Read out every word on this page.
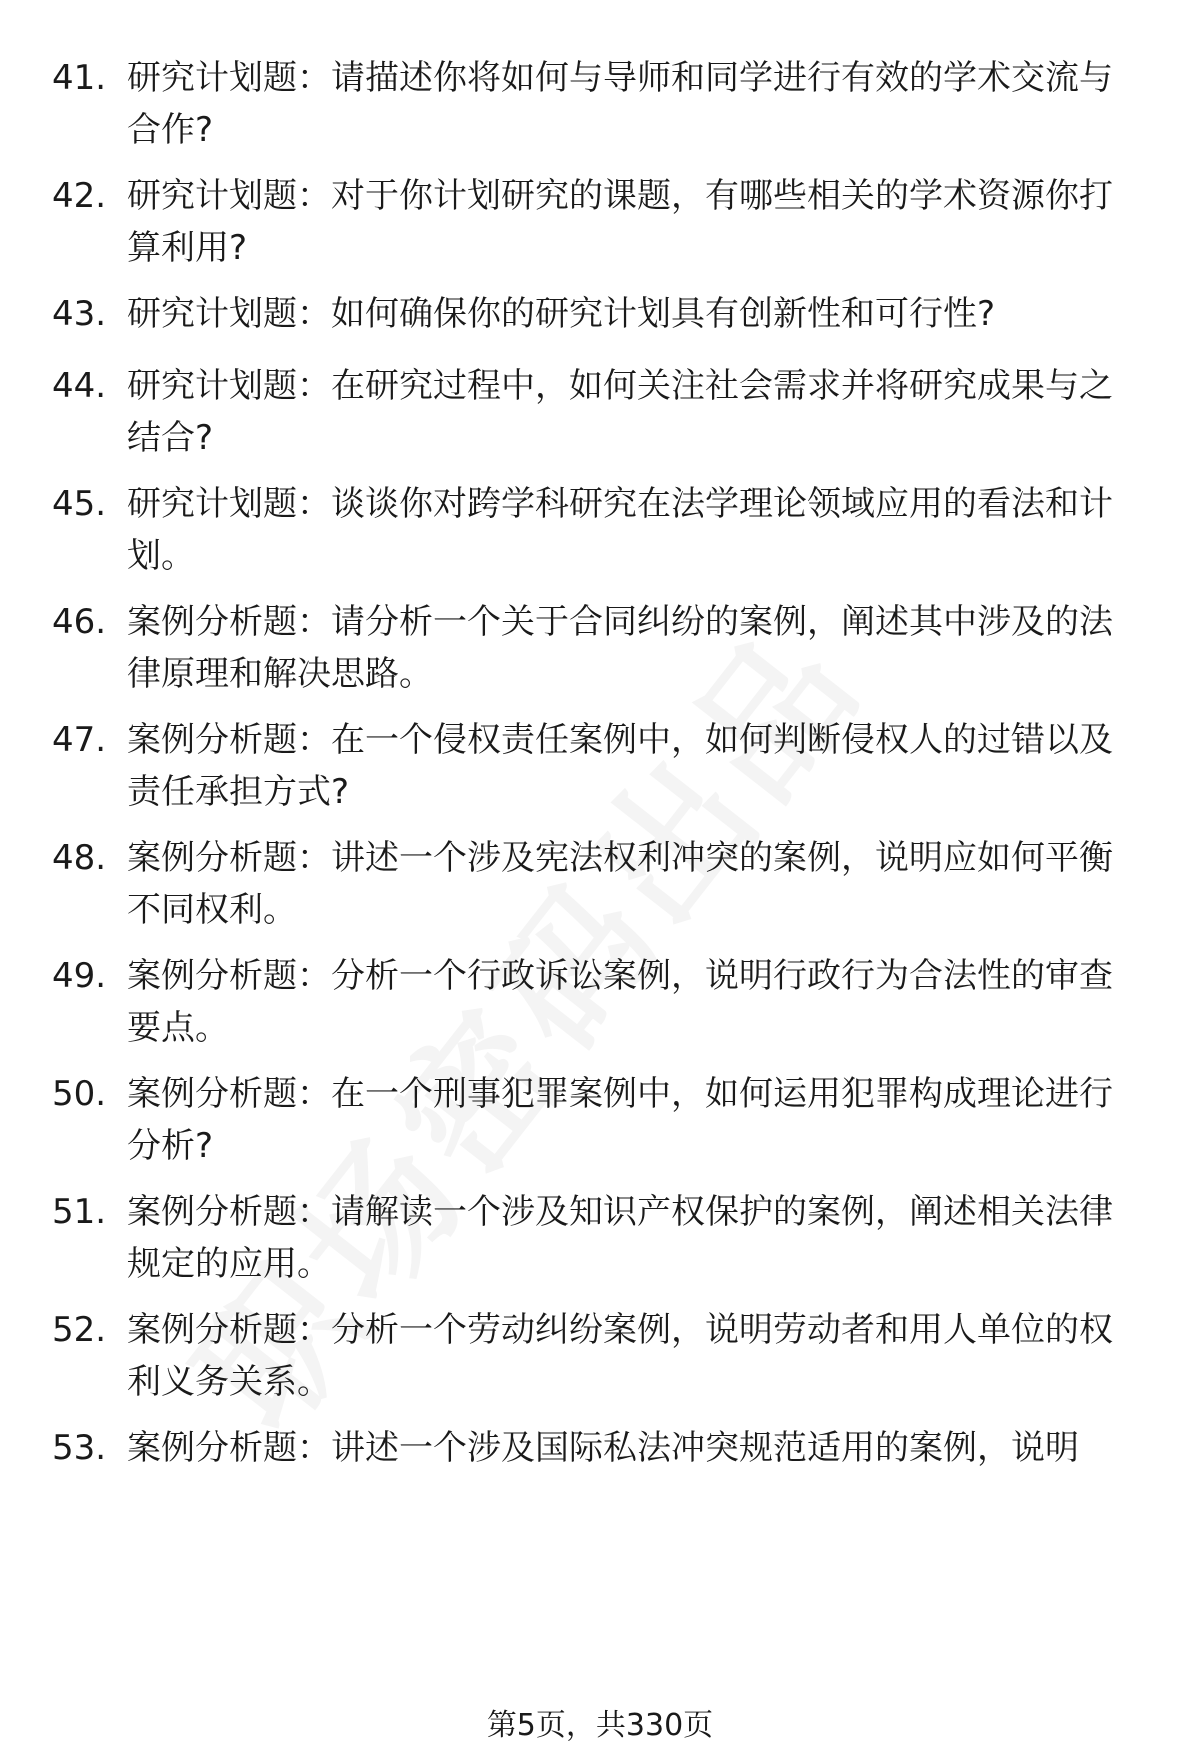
41. 研究计划题：请描述你将如何与导师和同学进行有效的学术交流与合作?
42. 研究计划题：对于你计划研究的课题，有哪些相关的学术资源你打算利用?
43. 研究计划题：如何确保你的研究计划具有创新性和可行性?
44. 研究计划题：在研究过程中，如何关注社会需求并将研究成果与之结合?
45. 研究计划题：谈谈你对跨学科研究在法学理论领域应用的看法和计划。
46. 案例分析题：请分析一个关于合同纠纷的案例，阐述其中涉及的法律原理和解决思路。
47. 案例分析题：在一个侵权责任案例中，如何判断侵权人的过错以及责任承担方式?
48. 案例分析题：讲述一个涉及宪法权利冲突的案例，说明应如何平衡不同权利。
49. 案例分析题：分析一个行政诉讼案例，说明行政行为合法性的审查要点。
50. 案例分析题：在一个刑事犯罪案例中，如何运用犯罪构成理论进行分析?
51. 案例分析题：请解读一个涉及知识产权保护的案例，阐述相关法律规定的应用。
52. 案例分析题：分析一个劳动纠纷案例，说明劳动者和用人单位的权利义务关系。
53. 案例分析题：讲述一个涉及国际私法冲突规范适用的案例，说明
第5页，共330页
